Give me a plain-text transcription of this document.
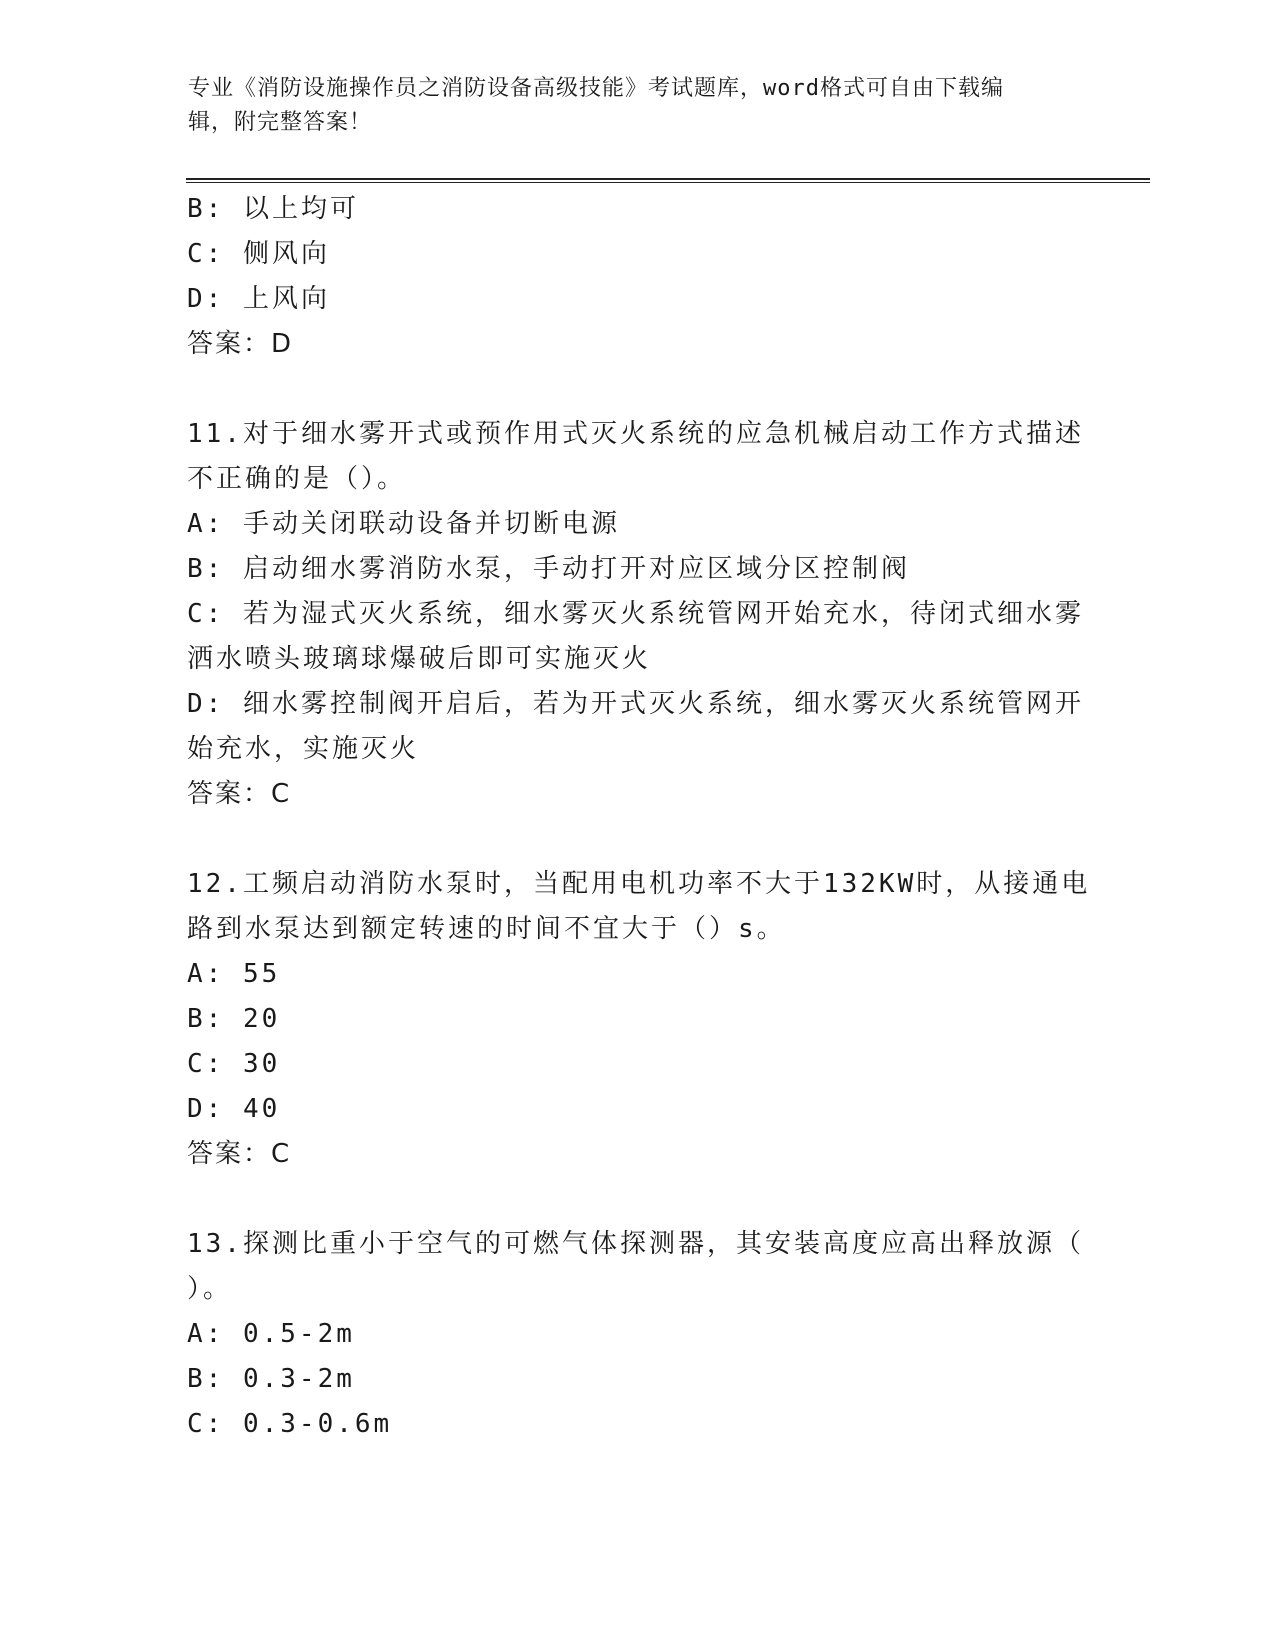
专业《消防设施操作员之消防设备高级技能》考试题库，word格式可自由下载编
辑，附完整答案！
B: 以上均可
C: 侧风向
D: 上风向
答案：D
11.对于细水雾开式或预作用式灭火系统的应急机械启动工作方式描述
不正确的是（）。
A: 手动关闭联动设备并切断电源
B: 启动细水雾消防水泵，手动打开对应区域分区控制阀
C: 若为湿式灭火系统，细水雾灭火系统管网开始充水，待闭式细水雾
洒水喷头玻璃球爆破后即可实施灭火
D: 细水雾控制阀开启后，若为开式灭火系统，细水雾灭火系统管网开
始充水，实施灭火
答案：C
12.工频启动消防水泵时，当配用电机功率不大于132KW时，从接通电
路到水泵达到额定转速的时间不宜大于（）s。
A: 55
B: 20
C: 30
D: 40
答案：C
13.探测比重小于空气的可燃气体探测器，其安装高度应高出释放源（
）。
A: 0.5-2m
B: 0.3-2m
C: 0.3-0.6m
